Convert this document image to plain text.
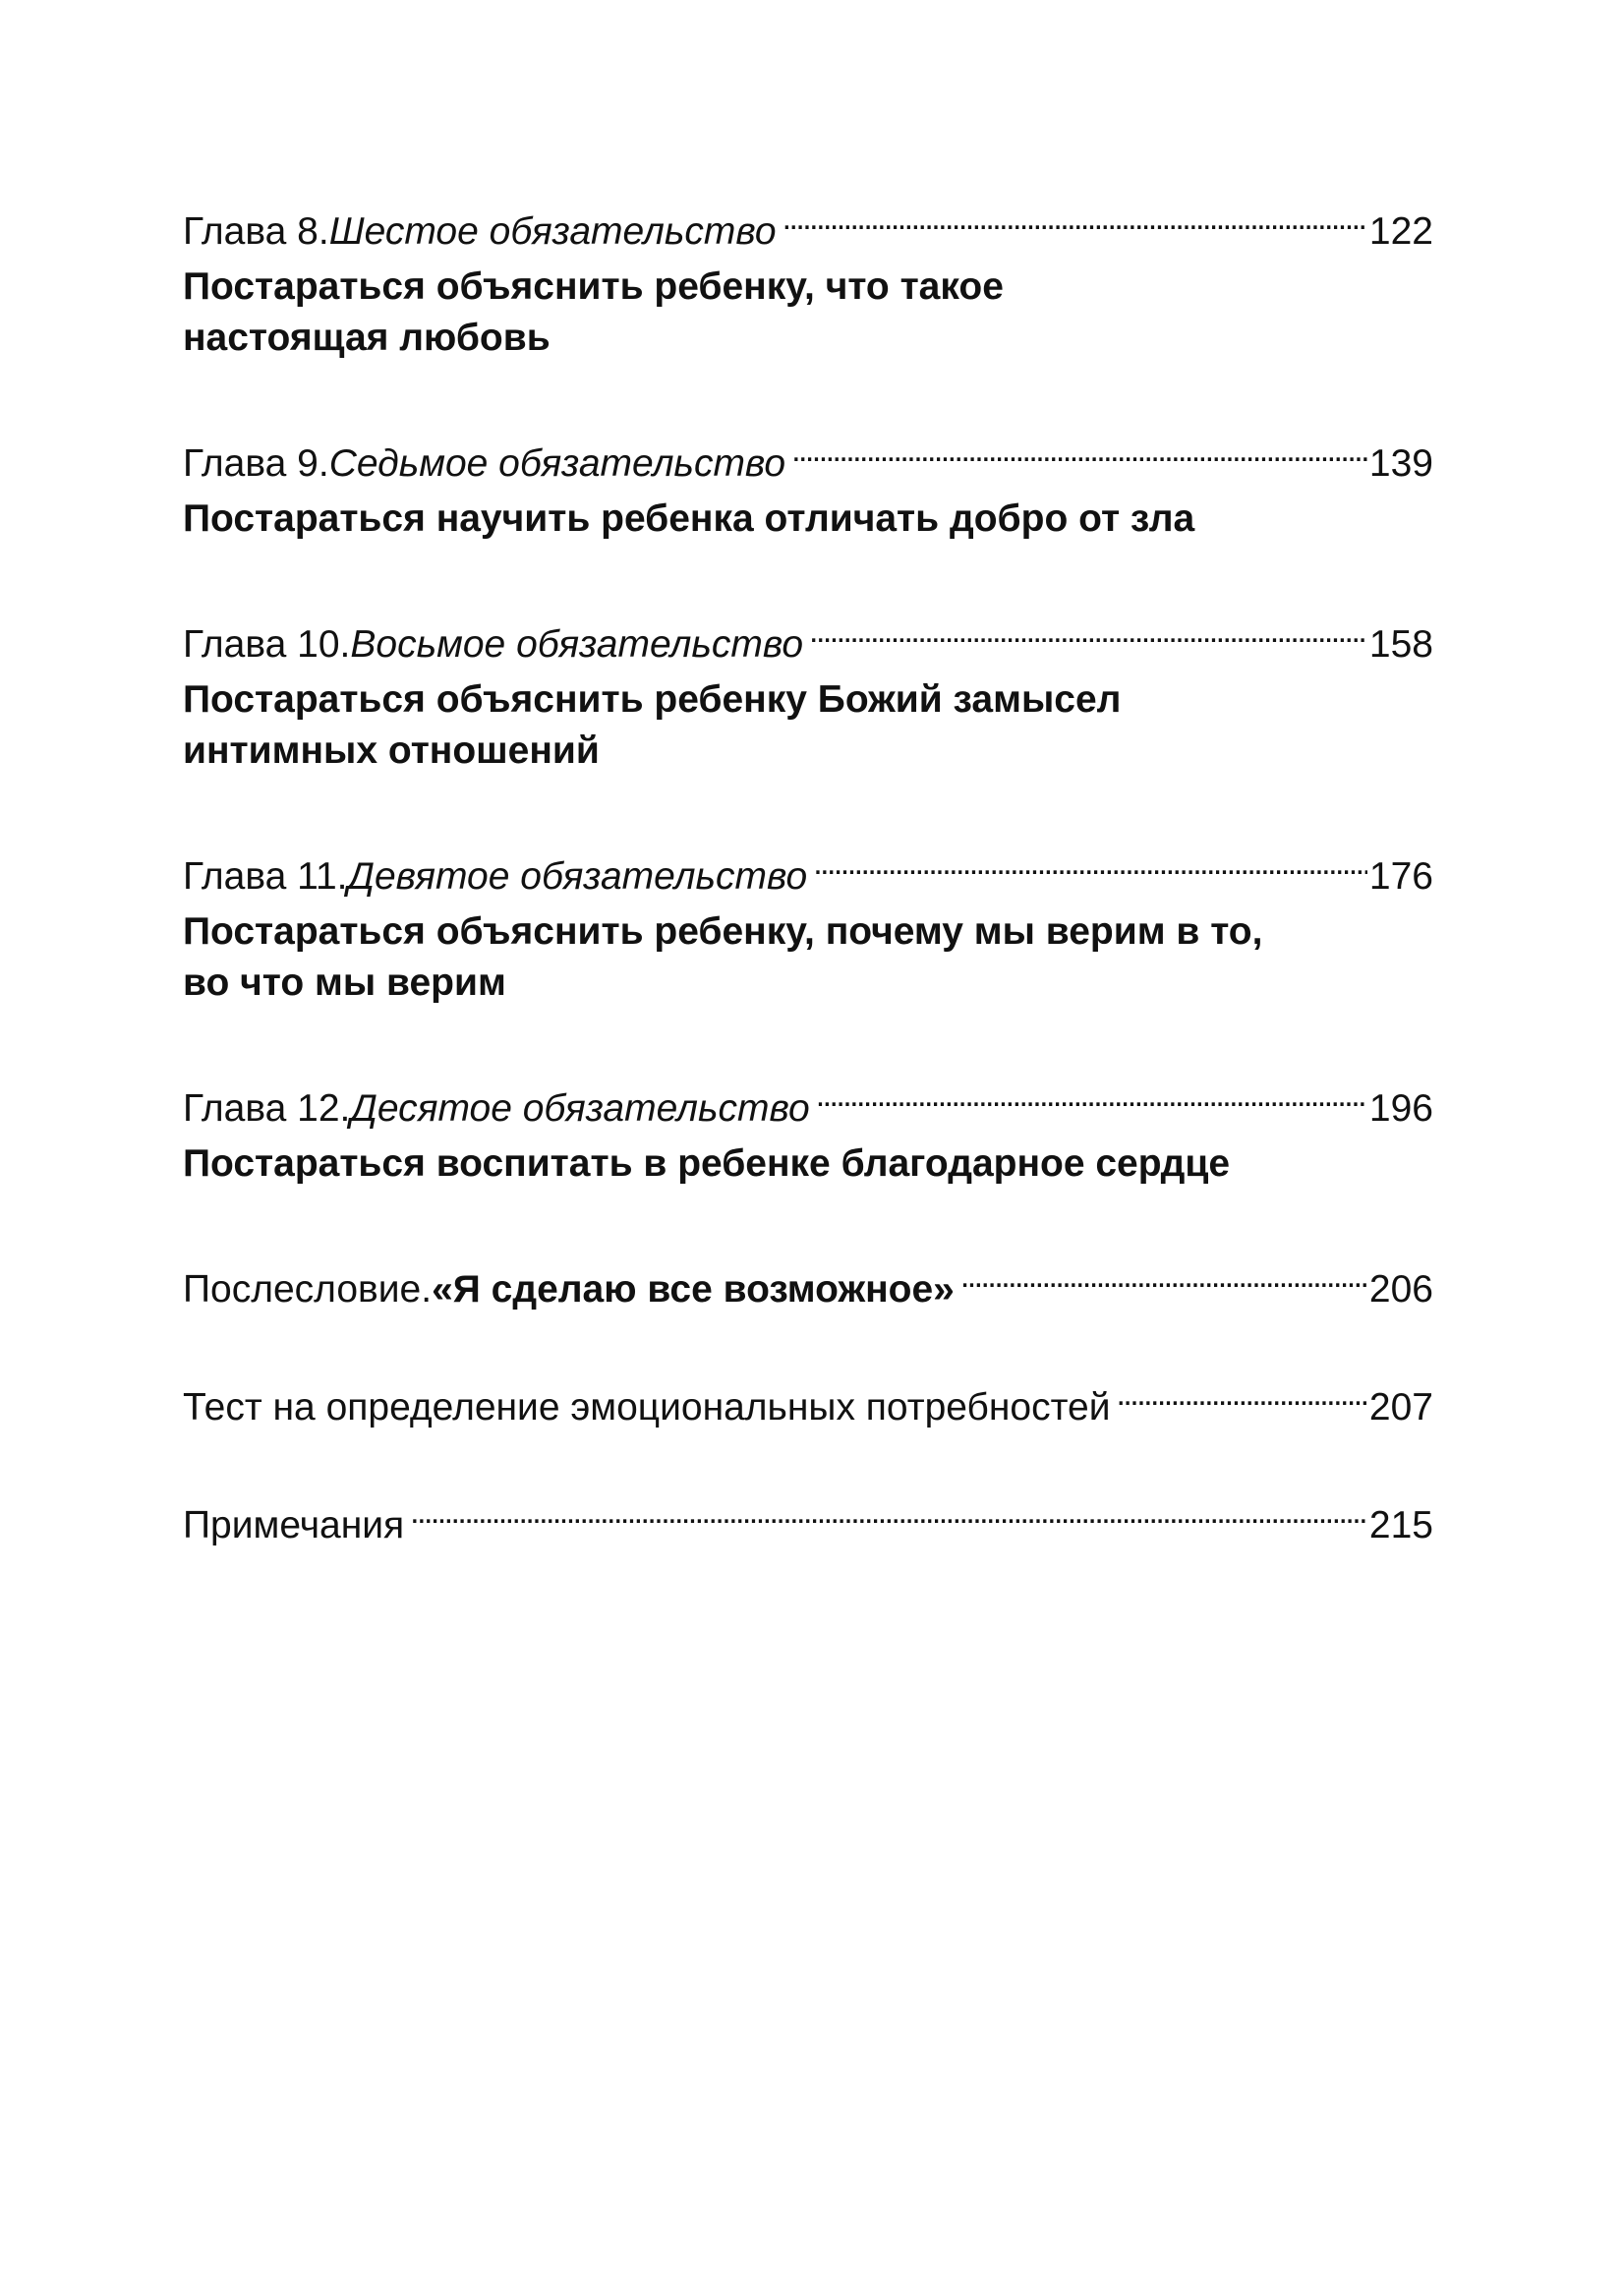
Глава 8. Шестое обязательство . . .	122
Постараться объяснить ребенку, что такое
настоящая любовь
Глава 9. Седьмое обязательство . . .	139
Постараться научить ребенка отличать добро от зла
Глава 10. Восьмое обязательство . . .	158
Постараться объяснить ребенку Божий замысел
интимных отношений
Глава 11. Девятое обязательство . . .	176
Постараться объяснить ребенку, почему мы верим в то,
во что мы верим
Глава 12. Десятое обязательство . . .	196
Постараться воспитать в ребенке благодарное сердце
Послесловие. «Я сделаю все возможное» . . .	206
Тест на определение эмоциональных потребностей . . .	207
Примечания . . .	215
